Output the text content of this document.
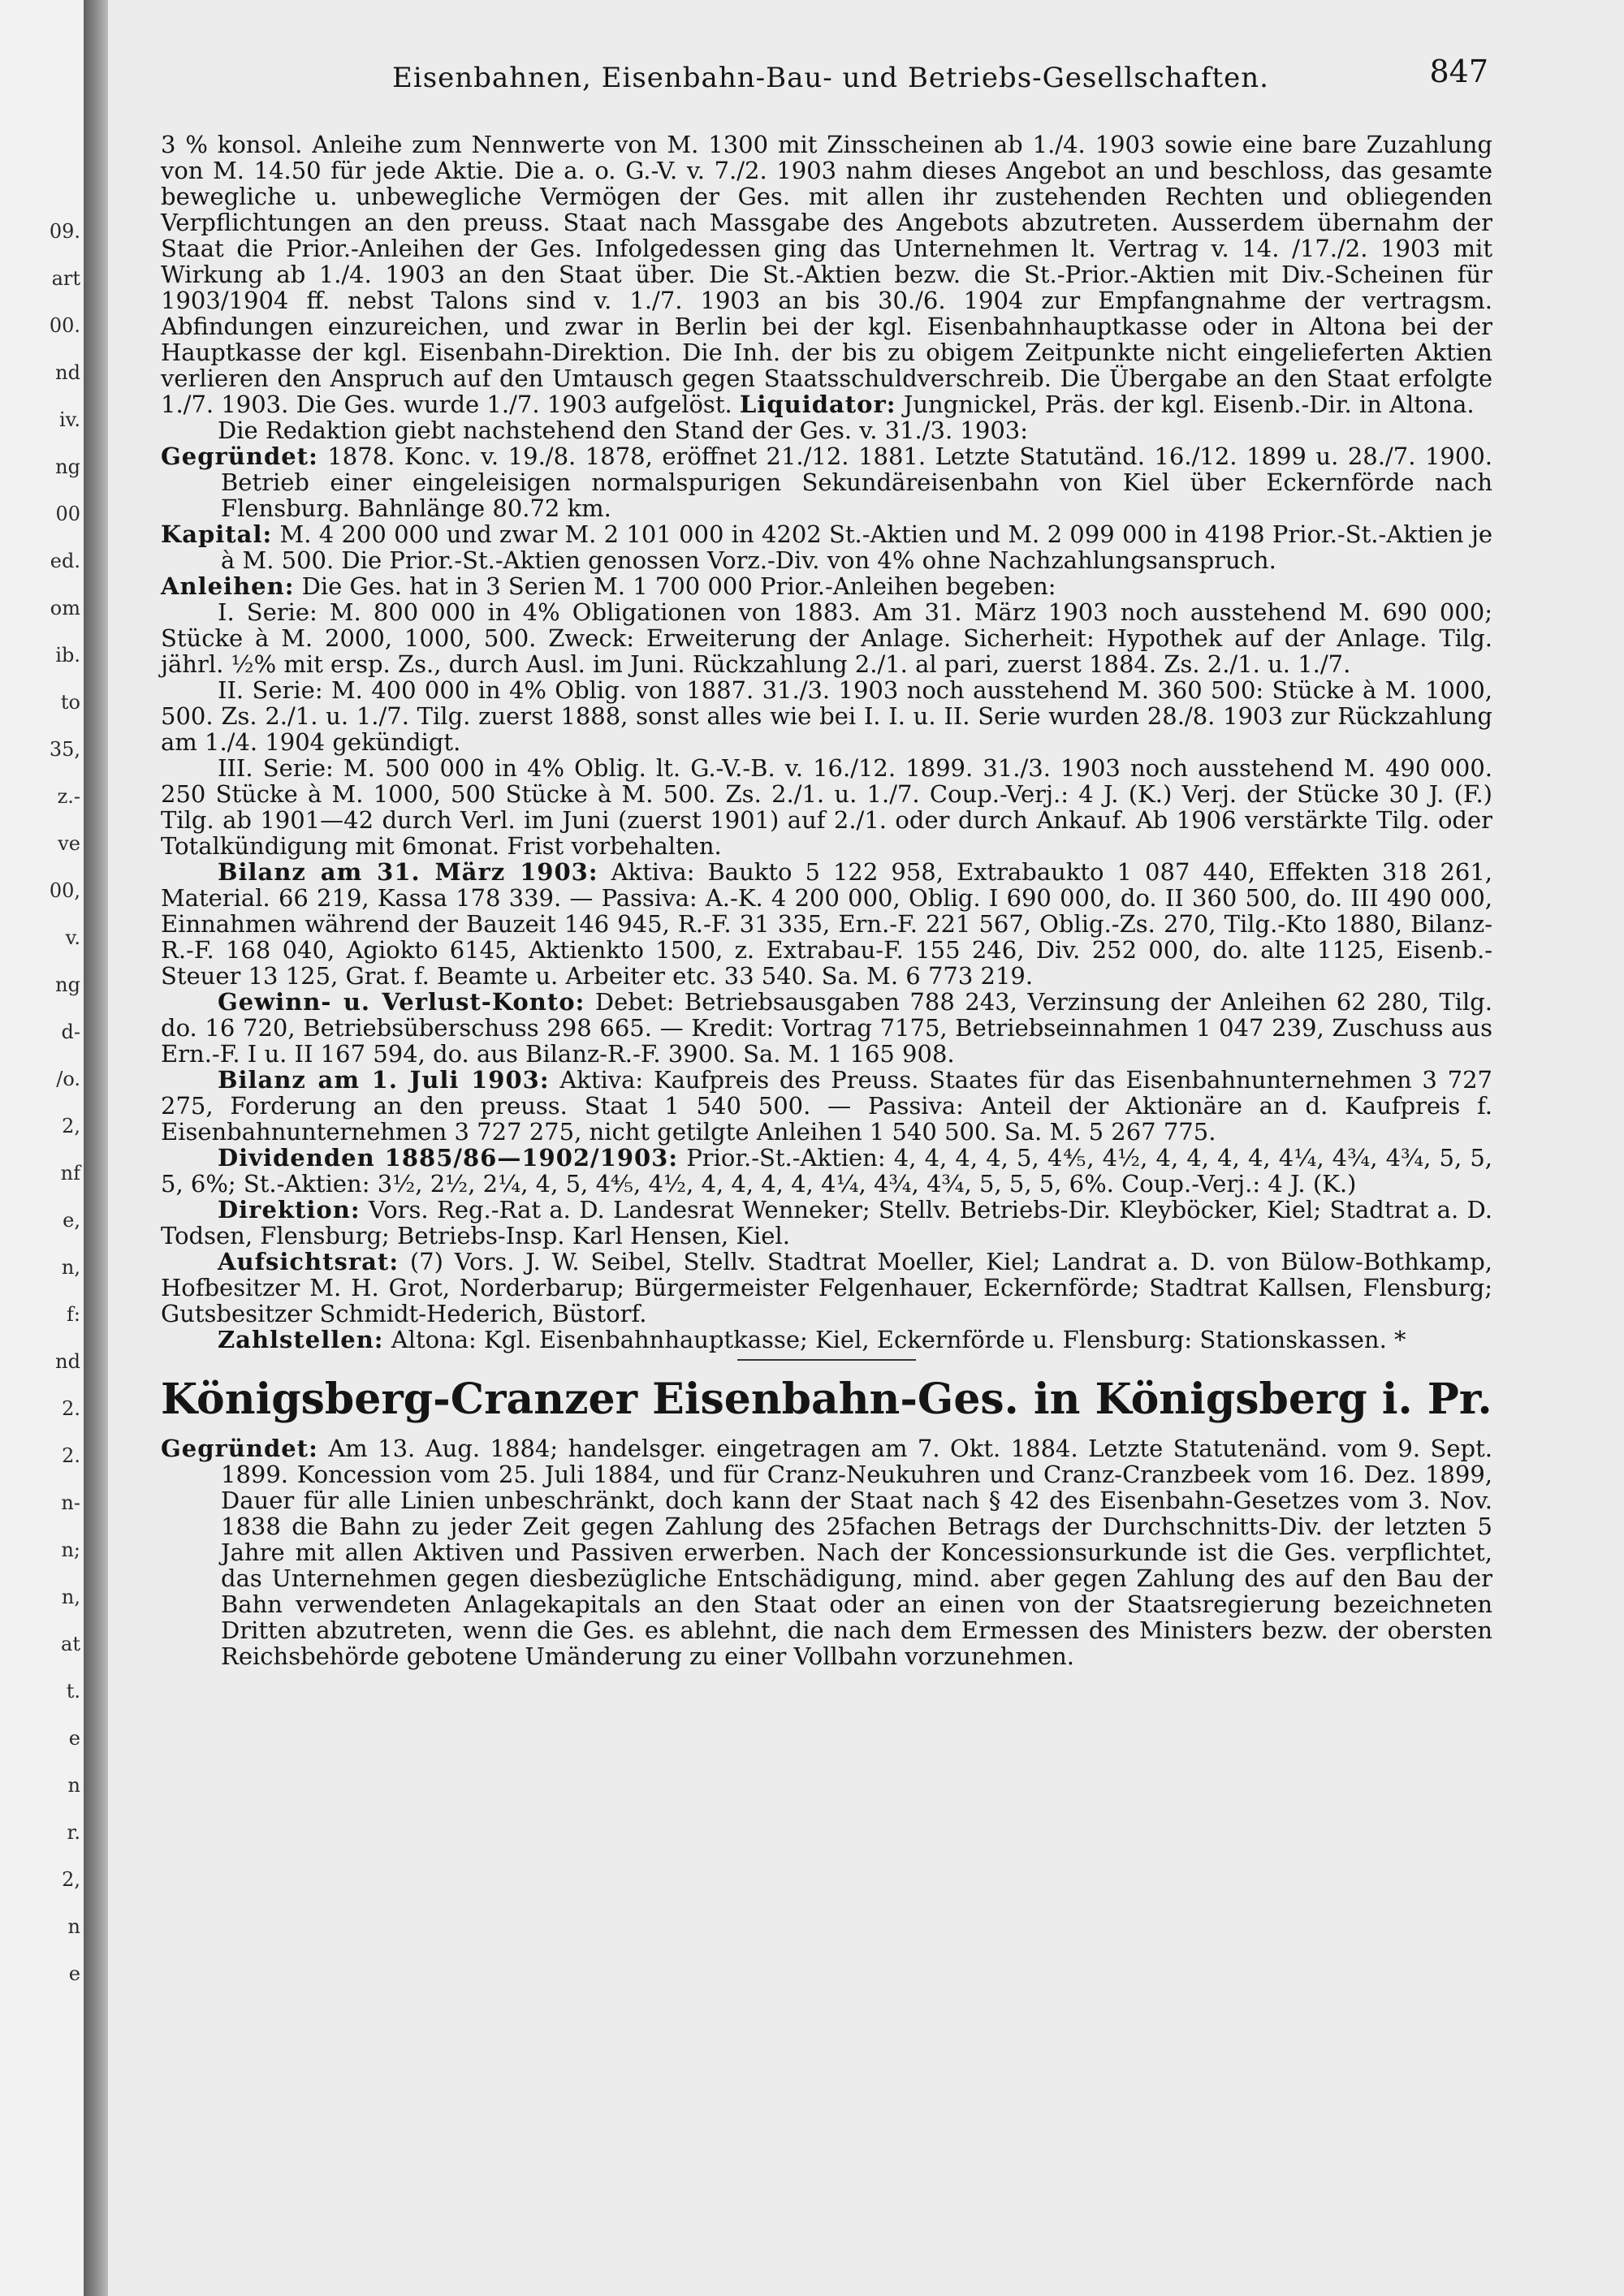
09.
art
00.
nd
iv.
ng
00
ed.
om
ib.
to
35,
z.-
ve
00,
v.
ng
d-
/o.
2,
nf
e,
n,
f:
nd
2.
2.
n-
n;
n,
at
t.
e
n
r.
2,
n
e
Eisenbahnen, Eisenbahn-Bau- und Betriebs-Gesellschaften.	847

3 % konsol. Anleihe zum Nennwerte von M. 1300 mit Zinsscheinen ab 1./4. 1903 sowie eine bare Zuzahlung von M. 14.50 für jede Aktie. Die a. o. G.-V. v. 7./2. 1903 nahm dieses Angebot an und beschloss, das gesamte bewegliche u. unbewegliche Vermögen der Ges. mit allen ihr zustehenden Rechten und obliegenden Verpflichtungen an den preuss. Staat nach Massgabe des Angebots abzutreten. Ausserdem übernahm der Staat die Prior.-Anleihen der Ges. Infolgedessen ging das Unternehmen lt. Vertrag v. 14. /17./2. 1903 mit Wirkung ab 1./4. 1903 an den Staat über. Die St.-Aktien bezw. die St.-Prior.-Aktien mit Div.-Scheinen für 1903/1904 ff. nebst Talons sind v. 1./7. 1903 an bis 30./6. 1904 zur Empfangnahme der vertragsm. Abfindungen einzureichen, und zwar in Berlin bei der kgl. Eisenbahnhauptkasse oder in Altona bei der Hauptkasse der kgl. Eisenbahn-Direktion. Die Inh. der bis zu obigem Zeitpunkte nicht eingelieferten Aktien verlieren den Anspruch auf den Umtausch gegen Staatsschuldverschreib. Die Übergabe an den Staat erfolgte 1./7. 1903. Die Ges. wurde 1./7. 1903 aufgelöst. Liquidator: Jungnickel, Präs. der kgl. Eisenb.-Dir. in Altona.

Die Redaktion giebt nachstehend den Stand der Ges. v. 31./3. 1903:

Gegründet: 1878. Konc. v. 19./8. 1878, eröffnet 21./12. 1881. Letzte Statutänd. 16./12. 1899 u. 28./7. 1900. Betrieb einer eingeleisigen normalspurigen Sekundäreisenbahn von Kiel über Eckernförde nach Flensburg. Bahnlänge 80.72 km.

Kapital: M. 4 200 000 und zwar M. 2 101 000 in 4202 St.-Aktien und M. 2 099 000 in 4198 Prior.-St.-Aktien je à M. 500. Die Prior.-St.-Aktien genossen Vorz.-Div. von 4% ohne Nachzahlungsanspruch.

Anleihen: Die Ges. hat in 3 Serien M. 1 700 000 Prior.-Anleihen begeben:

I. Serie: M. 800 000 in 4% Obligationen von 1883. Am 31. März 1903 noch ausstehend M. 690 000; Stücke à M. 2000, 1000, 500. Zweck: Erweiterung der Anlage. Sicherheit: Hypothek auf der Anlage. Tilg. jährl. ½% mit ersp. Zs., durch Ausl. im Juni. Rückzahlung 2./1. al pari, zuerst 1884. Zs. 2./1. u. 1./7.

II. Serie: M. 400 000 in 4% Oblig. von 1887. 31./3. 1903 noch ausstehend M. 360 500: Stücke à M. 1000, 500. Zs. 2./1. u. 1./7. Tilg. zuerst 1888, sonst alles wie bei I. I. u. II. Serie wurden 28./8. 1903 zur Rückzahlung am 1./4. 1904 gekündigt.

III. Serie: M. 500 000 in 4% Oblig. lt. G.-V.-B. v. 16./12. 1899. 31./3. 1903 noch ausstehend M. 490 000. 250 Stücke à M. 1000, 500 Stücke à M. 500. Zs. 2./1. u. 1./7. Coup.-Verj.: 4 J. (K.) Verj. der Stücke 30 J. (F.) Tilg. ab 1901—42 durch Verl. im Juni (zuerst 1901) auf 2./1. oder durch Ankauf. Ab 1906 verstärkte Tilg. oder Totalkündigung mit 6monat. Frist vorbehalten.

Bilanz am 31. März 1903: Aktiva: Baukto 5 122 958, Extrabaukto 1 087 440, Effekten 318 261, Material. 66 219, Kassa 178 339. — Passiva: A.-K. 4 200 000, Oblig. I 690 000, do. II 360 500, do. III 490 000, Einnahmen während der Bauzeit 146 945, R.-F. 31 335, Ern.-F. 221 567, Oblig.-Zs. 270, Tilg.-Kto 1880, Bilanz-R.-F. 168 040, Agiokto 6145, Aktienkto 1500, z. Extrabau-F. 155 246, Div. 252 000, do. alte 1125, Eisenb.-Steuer 13 125, Grat. f. Beamte u. Arbeiter etc. 33 540. Sa. M. 6 773 219.

Gewinn- u. Verlust-Konto: Debet: Betriebsausgaben 788 243, Verzinsung der Anleihen 62 280, Tilg. do. 16 720, Betriebsüberschuss 298 665. — Kredit: Vortrag 7175, Betriebseinnahmen 1 047 239, Zuschuss aus Ern.-F. I u. II 167 594, do. aus Bilanz-R.-F. 3900. Sa. M. 1 165 908.

Bilanz am 1. Juli 1903: Aktiva: Kaufpreis des Preuss. Staates für das Eisenbahnunternehmen 3 727 275, Forderung an den preuss. Staat 1 540 500. — Passiva: Anteil der Aktionäre an d. Kaufpreis f. Eisenbahnunternehmen 3 727 275, nicht getilgte Anleihen 1 540 500. Sa. M. 5 267 775.

Dividenden 1885/86—1902/1903: Prior.-St.-Aktien: 4, 4, 4, 4, 5, 4⅘, 4½, 4, 4, 4, 4, 4¼, 4¾, 4¾, 5, 5, 5, 6%; St.-Aktien: 3½, 2½, 2¼, 4, 5, 4⅘, 4½, 4, 4, 4, 4, 4¼, 4¾, 4¾, 5, 5, 5, 6%. Coup.-Verj.: 4 J. (K.)

Direktion: Vors. Reg.-Rat a. D. Landesrat Wenneker; Stellv. Betriebs-Dir. Kleyböcker, Kiel; Stadtrat a. D. Todsen, Flensburg; Betriebs-Insp. Karl Hensen, Kiel.

Aufsichtsrat: (7) Vors. J. W. Seibel, Stellv. Stadtrat Moeller, Kiel; Landrat a. D. von Bülow-Bothkamp, Hofbesitzer M. H. Grot, Norderbarup; Bürgermeister Felgenhauer, Eckernförde; Stadtrat Kallsen, Flensburg; Gutsbesitzer Schmidt-Hederich, Büstorf.

Zahlstellen: Altona: Kgl. Eisenbahnhauptkasse; Kiel, Eckernförde u. Flensburg: Stationskassen. *

Königsberg-Cranzer Eisenbahn-Ges. in Königsberg i. Pr.

Gegründet: Am 13. Aug. 1884; handelsger. eingetragen am 7. Okt. 1884. Letzte Statutenänd. vom 9. Sept. 1899. Koncession vom 25. Juli 1884, und für Cranz-Neukuhren und Cranz-Cranzbeek vom 16. Dez. 1899, Dauer für alle Linien unbeschränkt, doch kann der Staat nach § 42 des Eisenbahn-Gesetzes vom 3. Nov. 1838 die Bahn zu jeder Zeit gegen Zahlung des 25fachen Betrags der Durchschnitts-Div. der letzten 5 Jahre mit allen Aktiven und Passiven erwerben. Nach der Koncessionsurkunde ist die Ges. verpflichtet, das Unternehmen gegen diesbezügliche Entschädigung, mind. aber gegen Zahlung des auf den Bau der Bahn verwendeten Anlagekapitals an den Staat oder an einen von der Staatsregierung bezeichneten Dritten abzutreten, wenn die Ges. es ablehnt, die nach dem Ermessen des Ministers bezw. der obersten Reichsbehörde gebotene Umänderung zu einer Vollbahn vorzunehmen.
